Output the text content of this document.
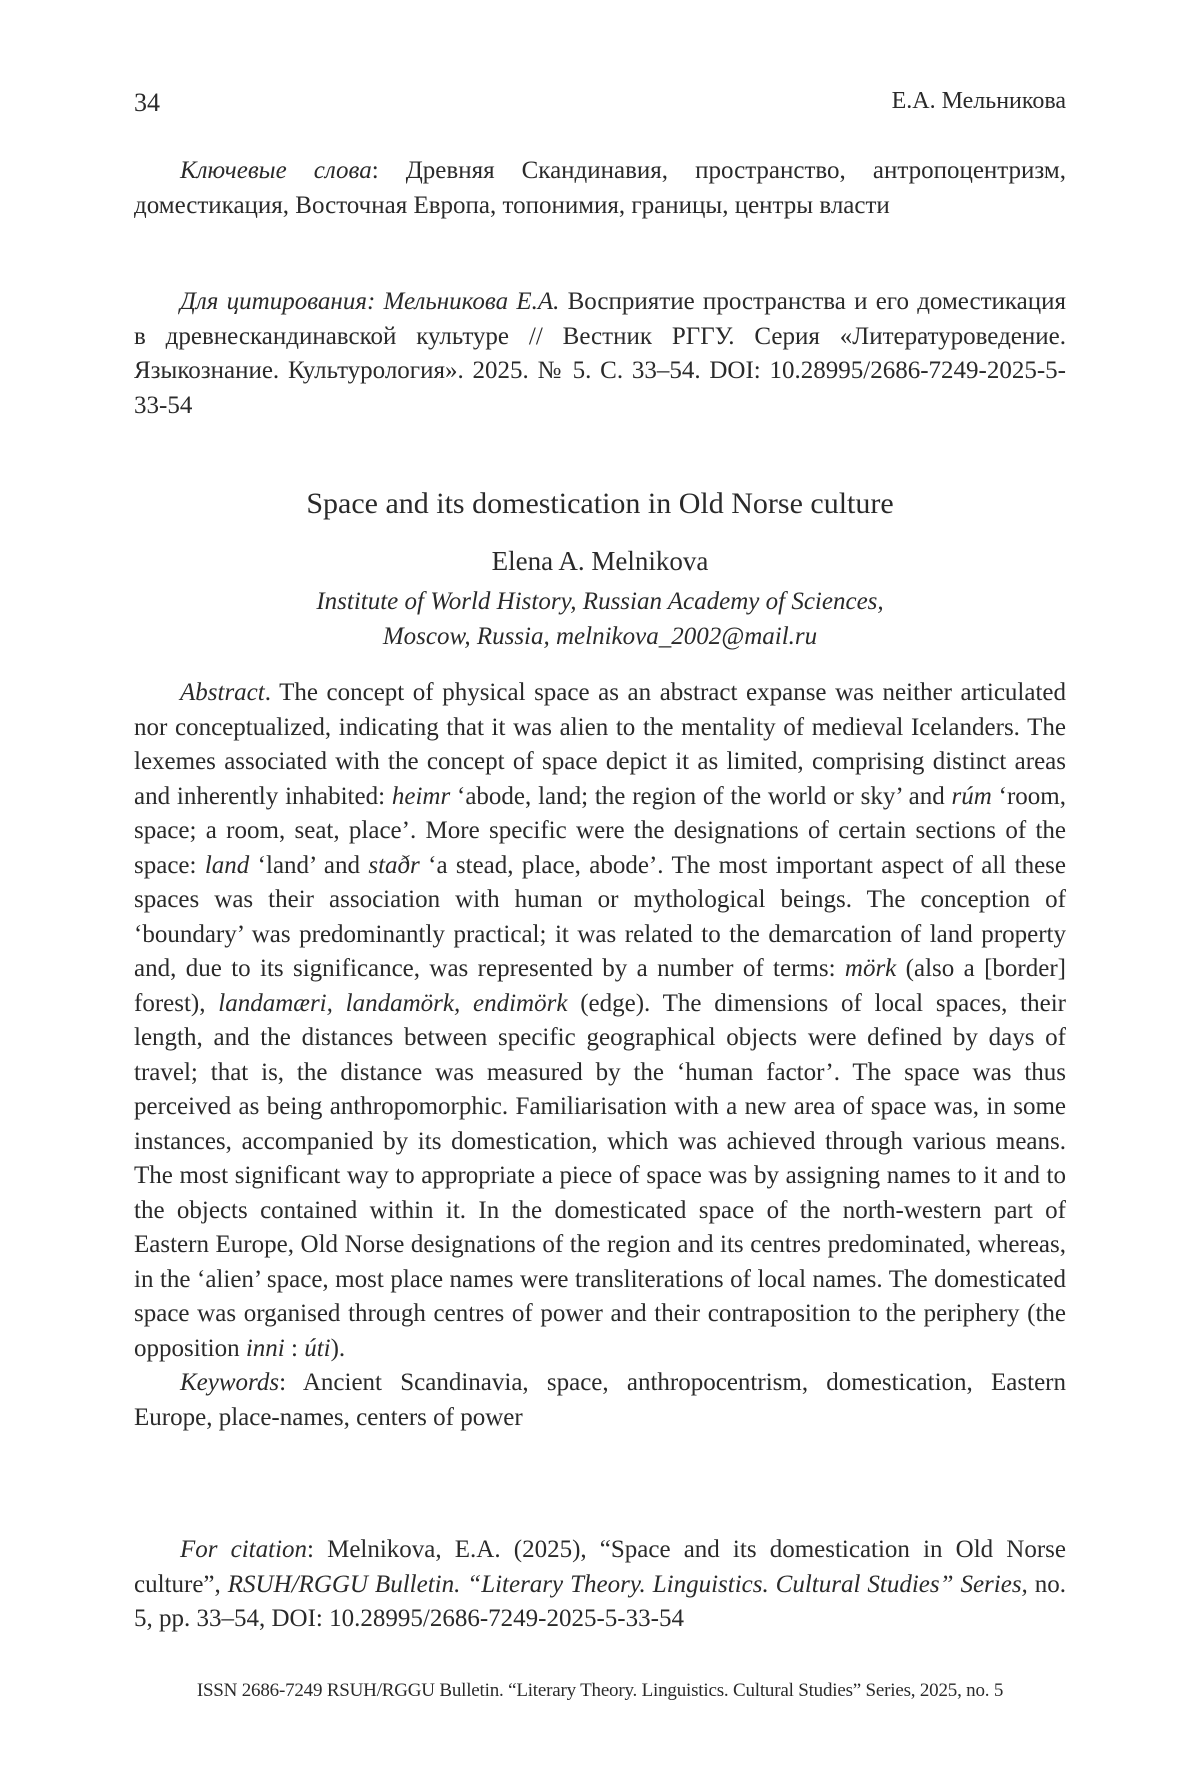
34	Е.А. Мельникова

Ключевые слова: Древняя Скандинавия, пространство, антропоцентризм, доместикация, Восточная Европа, топонимия, границы, центры власти

Для цитирования: Мельникова Е.А. Восприятие пространства и его доместикация в древнескандинавской культуре // Вестник РГГУ. Серия «Литературоведение. Языкознание. Культурология». 2025. № 5. С. 33–54. DOI: 10.28995/2686-7249-2025-5-33-54

Space and its domestication in Old Norse culture
Elena A. Melnikova
Institute of World History, Russian Academy of Sciences,
Moscow, Russia, melnikova_2002@mail.ru

Abstract. The concept of physical space as an abstract expanse was neither articulated nor conceptualized, indicating that it was alien to the mentality of medieval Icelanders. The lexemes associated with the concept of space depict it as limited, comprising distinct areas and inherently inhabited: heimr ‘abode, land; the region of the world or sky’ and rúm ‘room, space; a room, seat, place’. More specific were the designations of certain sections of the space: land ‘land’ and staðr ‘a stead, place, abode’. The most important aspect of all these spaces was their association with human or mythological beings. The conception of ‘boundary’ was predominantly practical; it was related to the demarcation of land property and, due to its significance, was represented by a number of terms: mörk (also a [border] forest), landamæri, landamörk, endimörk (edge). The dimensions of local spaces, their length, and the distances between specific geographical objects were defined by days of travel; that is, the distance was measured by the ‘human factor’. The space was thus perceived as being anthropomorphic. Familiarisation with a new area of space was, in some instances, accompanied by its domestication, which was achieved through various means. The most significant way to appropriate a piece of space was by assigning names to it and to the objects contained within it. In the domesticated space of the north-western part of Eastern Europe, Old Norse designations of the region and its centres predominated, whereas, in the ‘alien’ space, most place names were transliterations of local names. The domesticated space was organised through centres of power and their contraposition to the periphery (the opposition inni : úti).

Keywords: Ancient Scandinavia, space, anthropocentrism, domestication, Eastern Europe, place-names, centers of power

For citation: Melnikova, E.A. (2025), “Space and its domestication in Old Norse culture”, RSUH/RGGU Bulletin. “Literary Theory. Linguistics. Cultural Studies” Series, no. 5, pp. 33–54, DOI: 10.28995/2686-7249-2025-5-33-54

ISSN 2686-7249 RSUH/RGGU Bulletin. “Literary Theory. Linguistics. Cultural Studies” Series, 2025, no. 5
